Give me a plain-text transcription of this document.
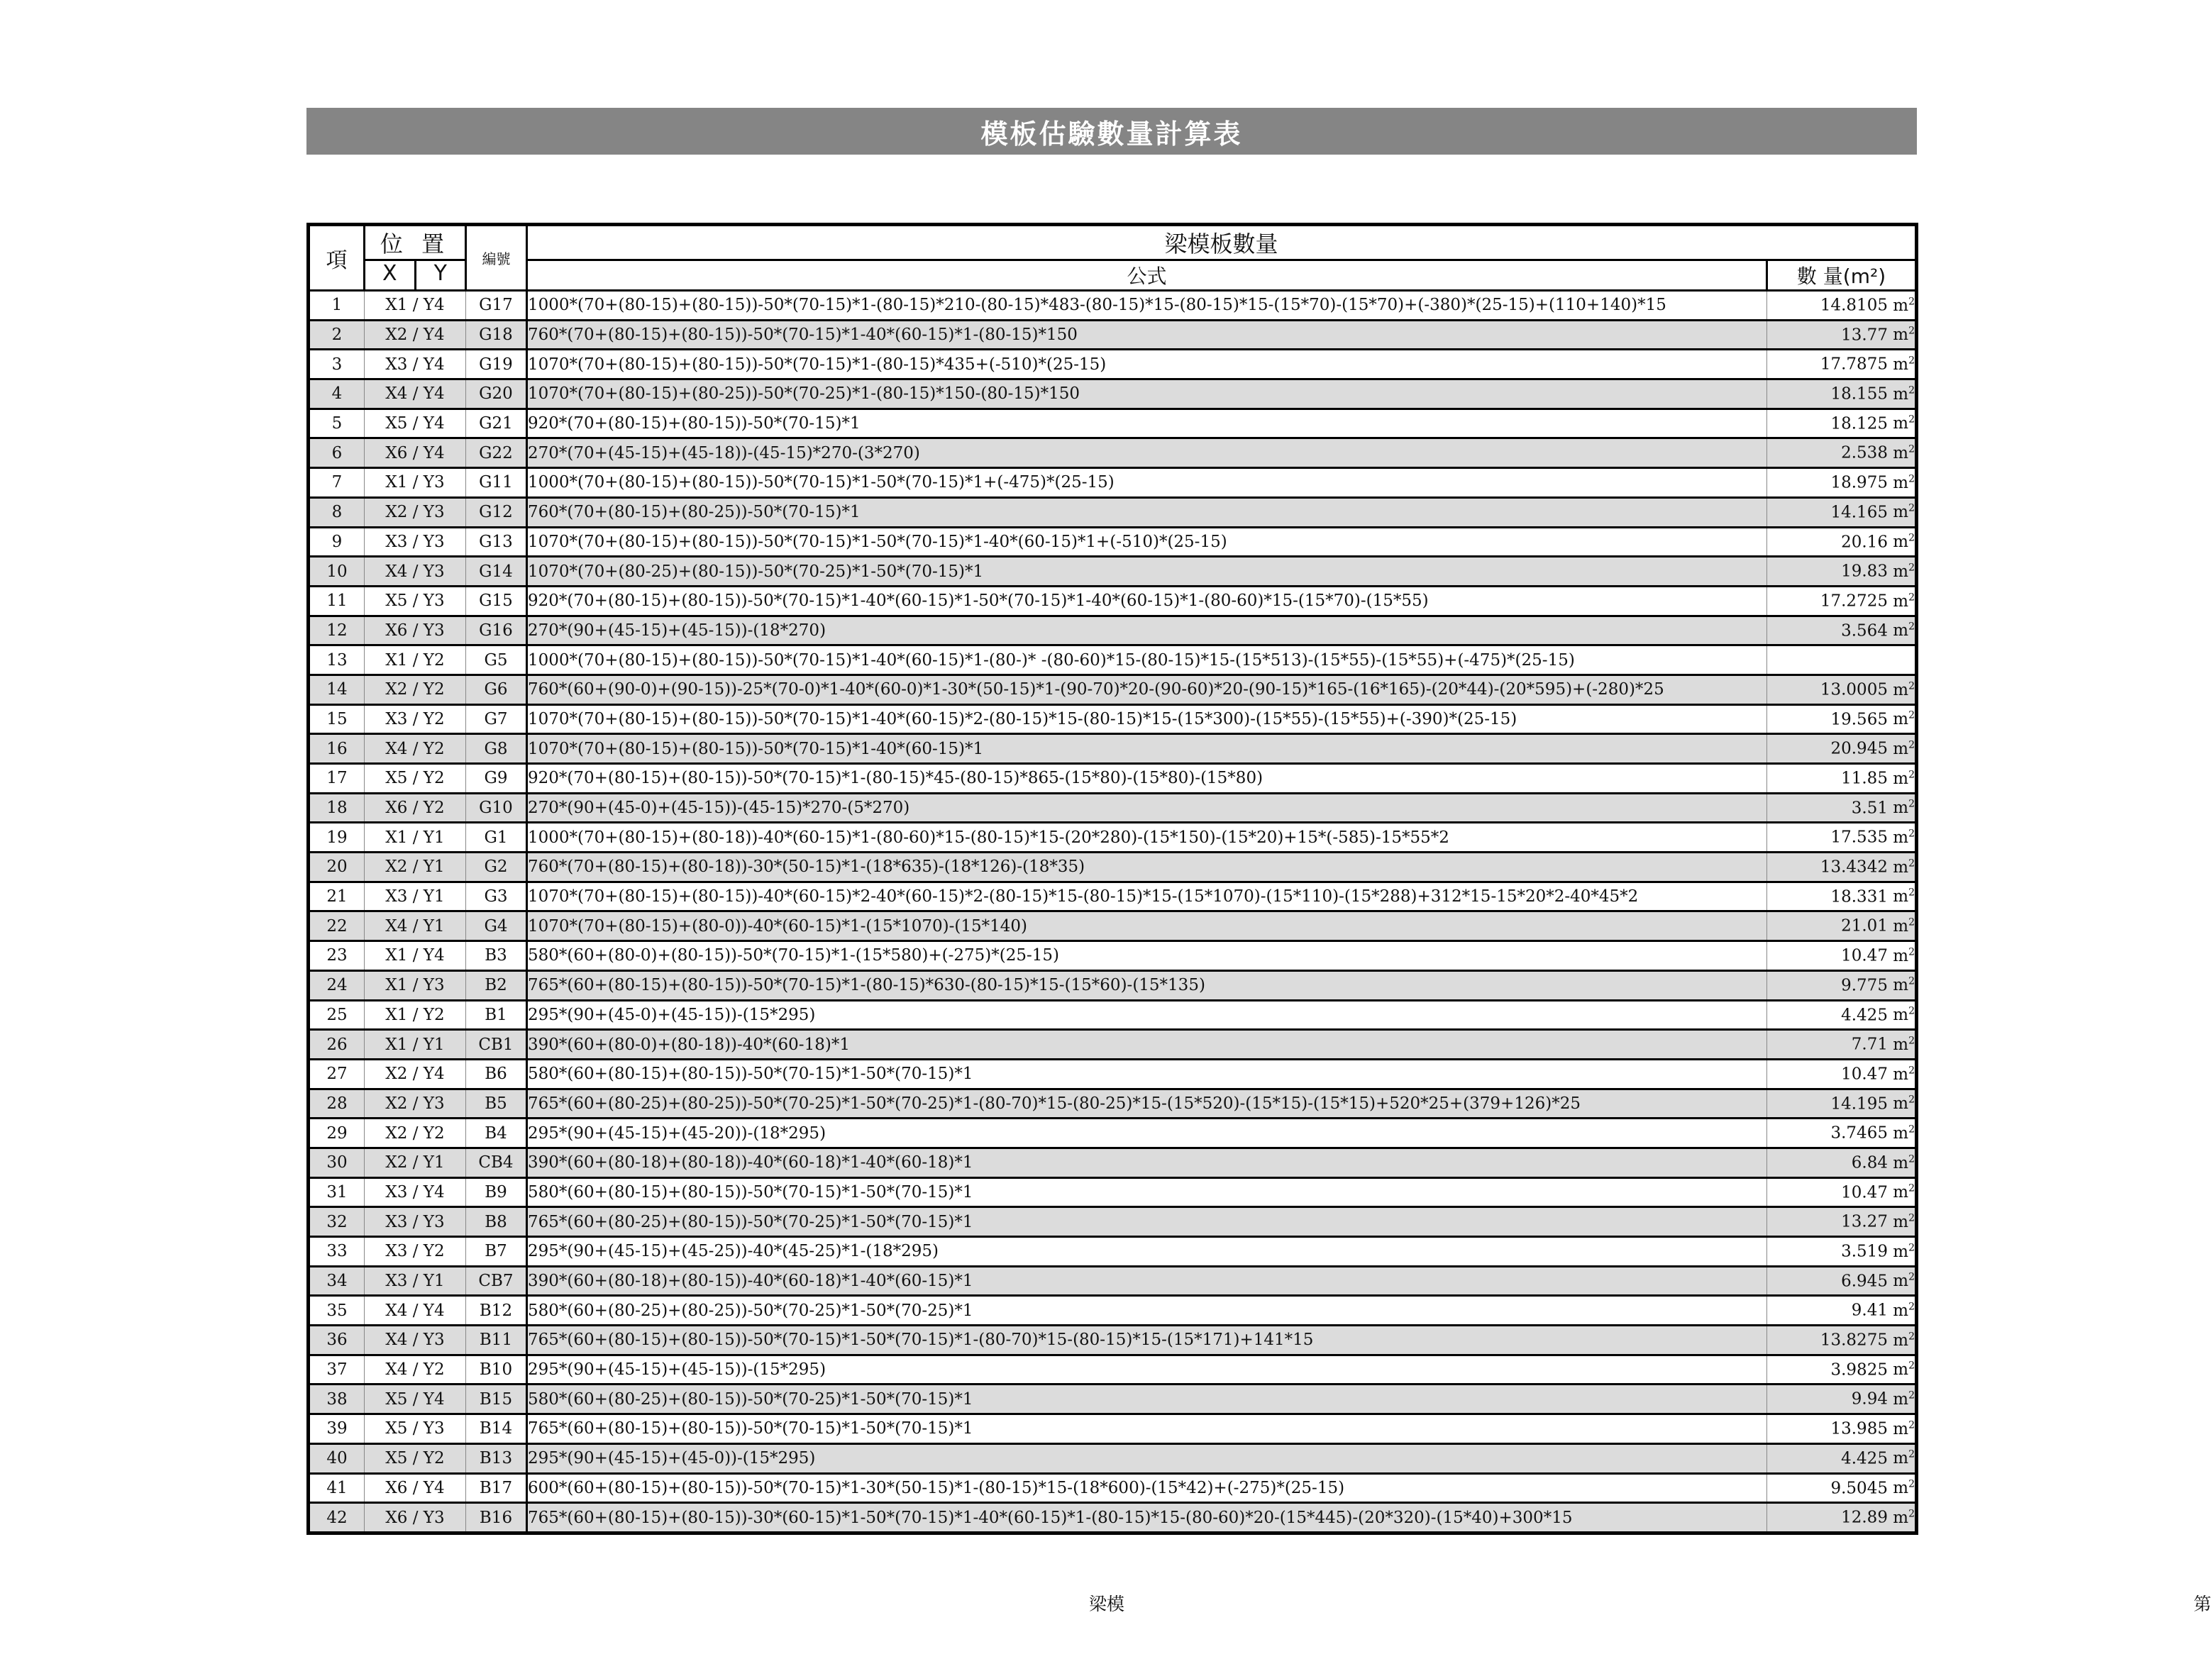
模板估驗數量計算表
項	位 置	編號	梁模板數量	

	X Y		公式	數 量(m²)
1	X1 / Y4	G17	1000*(70+(80-15)+(80-15))-50*(70-15)*1-(80-15)*210-(80-15)*483-(80-15)*15-(80-15)*15-(15*70)-(15*70)+(-380)*(25-15)+(110+140)*15	14.8105 $m^2$
2	X2 / Y4	G18	760*(70+(80-15)+(80-15))-50*(70-15)*1-40*(60-15)*1-(80-15)*150	13.77 $m^2$
3	X3 / Y4	G19	1070*(70+(80-15)+(80-15))-50*(70-15)*1-(80-15)*435+(-510)*(25-15)	17.7875 $m^2$
4	X4 / Y4	G20	1070*(70+(80-15)+(80-25))-50*(70-25)*1-(80-15)*150-(80-15)*150	18.155 $m^2$
5	X5 / Y4	G21	920*(70+(80-15)+(80-15))-50*(70-15)*1	18.125 $m^2$
6	X6 / Y4	G22	270*(70+(45-15)+(45-18))-(45-15)*270-(3*270)	2.538 $m^2$
7	X1 / Y3	G11	1000*(70+(80-15)+(80-15))-50*(70-15)*1-50*(70-15)*1+(-475)*(25-15)	18.975 $m^2$
8	X2 / Y3	G12	760*(70+(80-15)+(80-25))-50*(70-15)*1	14.165 $m^2$
9	X3 / Y3	G13	1070*(70+(80-15)+(80-15))-50*(70-15)*1-50*(70-15)*1-40*(60-15)*1+(-510)*(25-15)	20.16 $m^2$
10	X4 / Y3	G14	1070*(70+(80-25)+(80-15))-50*(70-25)*1-50*(70-15)*1	19.83 $m^2$
11	X5 / Y3	G15	920*(70+(80-15)+(80-15))-50*(70-15)*1-40*(60-15)*1-50*(70-15)*1-40*(60-15)*1-(80-60)*15-(15*70)-(15*55)	17.2725 $m^2$
12	X6 / Y3	G16	270*(90+(45-15)+(45-15))-(18*270)	3.564 $m^2$
13	X1 / Y2	G5	1000*(70+(80-15)+(80-15))-50*(70-15)*1-40*(60-15)*1-(80-)* -(80-60)*15-(80-15)*15-(15*513)-(15*55)-(15*55)+(-475)*(25-15)	
14	X2 / Y2	G6	760*(60+(90-0)+(90-15))-25*(70-0)*1-40*(60-0)*1-30*(50-15)*1-(90-70)*20-(90-60)*20-(90-15)*165-(16*165)-(20*44)-(20*595)+(-280)*25	13.0005 $m^2$
15	X3 / Y2	G7	1070*(70+(80-15)+(80-15))-50*(70-15)*1-40*(60-15)*2-(80-15)*15-(80-15)*15-(15*300)-(15*55)-(15*55)+(-390)*(25-15)	19.565 $m^2$
16	X4 / Y2	G8	1070*(70+(80-15)+(80-15))-50*(70-15)*1-40*(60-15)*1	20.945 $m^2$
17	X5 / Y2	G9	920*(70+(80-15)+(80-15))-50*(70-15)*1-(80-15)*45-(80-15)*865-(15*80)-(15*80)-(15*80)	11.85 $m^2$
18	X6 / Y2	G10	270*(90+(45-0)+(45-15))-(45-15)*270-(5*270)	3.51 $m^2$
19	X1 / Y1	G1	1000*(70+(80-15)+(80-18))-40*(60-15)*1-(80-60)*15-(80-15)*15-(20*280)-(15*150)-(15*20)+15*(-585)-15*55*2	17.535 $m^2$
20	X2 / Y1	G2	760*(70+(80-15)+(80-18))-30*(50-15)*1-(18*635)-(18*126)-(18*35)	13.4342 $m^2$
21	X3 / Y1	G3	1070*(70+(80-15)+(80-15))-40*(60-15)*2-40*(60-15)*2-(80-15)*15-(80-15)*15-(15*1070)-(15*110)-(15*288)+312*15-15*20*2-40*45*2	18.331 $m^2$
22	X4 / Y1	G4	1070*(70+(80-15)+(80-0))-40*(60-15)*1-(15*1070)-(15*140)	21.01 $m^2$
23	X1 / Y4	B3	580*(60+(80-0)+(80-15))-50*(70-15)*1-(15*580)+(-275)*(25-15)	10.47 $m^2$
24	X1 / Y3	B2	765*(60+(80-15)+(80-15))-50*(70-15)*1-(80-15)*630-(80-15)*15-(15*60)-(15*135)	9.775 $m^2$
25	X1 / Y2	B1	295*(90+(45-0)+(45-15))-(15*295)	4.425 $m^2$
26	X1 / Y1	CB1	390*(60+(80-0)+(80-18))-40*(60-18)*1	7.71 $m^2$
27	X2 / Y4	B6	580*(60+(80-15)+(80-15))-50*(70-15)*1-50*(70-15)*1	10.47 $m^2$
28	X2 / Y3	B5	765*(60+(80-25)+(80-25))-50*(70-25)*1-50*(70-25)*1-(80-70)*15-(80-25)*15-(15*520)-(15*15)-(15*15)+520*25+(379+126)*25	14.195 $m^2$
29	X2 / Y2	B4	295*(90+(45-15)+(45-20))-(18*295)	3.7465 $m^2$
30	X2 / Y1	CB4	390*(60+(80-18)+(80-18))-40*(60-18)*1-40*(60-18)*1	6.84 $m^2$
31	X3 / Y4	B9	580*(60+(80-15)+(80-15))-50*(70-15)*1-50*(70-15)*1	10.47 $m^2$
32	X3 / Y3	B8	765*(60+(80-25)+(80-15))-50*(70-25)*1-50*(70-15)*1	13.27 $m^2$
33	X3 / Y2	B7	295*(90+(45-15)+(45-25))-40*(45-25)*1-(18*295)	3.519 $m^2$
34	X3 / Y1	CB7	390*(60+(80-18)+(80-15))-40*(60-18)*1-40*(60-15)*1	6.945 $m^2$
35	X4 / Y4	B12	580*(60+(80-25)+(80-25))-50*(70-25)*1-50*(70-25)*1	9.41 $m^2$
36	X4 / Y3	B11	765*(60+(80-15)+(80-15))-50*(70-15)*1-50*(70-15)*1-(80-70)*15-(80-15)*15-(15*171)+141*15	13.8275 $m^2$
37	X4 / Y2	B10	295*(90+(45-15)+(45-15))-(15*295)	3.9825 $m^2$
38	X5 / Y4	B15	580*(60+(80-25)+(80-15))-50*(70-25)*1-50*(70-15)*1	9.94 $m^2$
39	X5 / Y3	B14	765*(60+(80-15)+(80-15))-50*(70-15)*1-50*(70-15)*1	13.985 $m^2$
40	X5 / Y2	B13	295*(90+(45-15)+(45-0))-(15*295)	4.425 $m^2$
41	X6 / Y4	B17	600*(60+(80-15)+(80-15))-50*(70-15)*1-30*(50-15)*1-(80-15)*15-(18*600)-(15*42)+(-275)*(25-15)	9.5045 $m^2$
42	X6 / Y3	B16	765*(60+(80-15)+(80-15))-30*(60-15)*1-50*(70-15)*1-40*(60-15)*1-(80-15)*15-(80-60)*20-(15*445)-(20*320)-(15*40)+300*15	12.89 $m^2$
梁模	第
